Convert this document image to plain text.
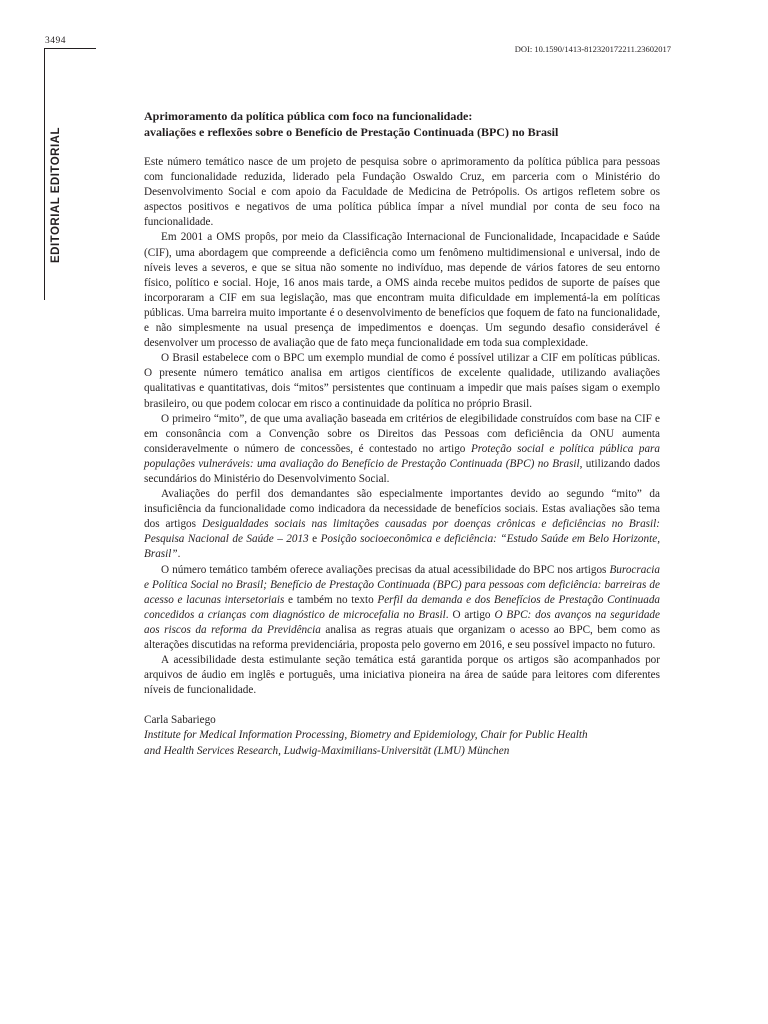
3494
DOI: 10.1590/1413-812320172211.23602017
EDITORIAL EDITORIAL
Aprimoramento da política pública com foco na funcionalidade:
avaliações e reflexões sobre o Benefício de Prestação Continuada (BPC) no Brasil

Este número temático nasce de um projeto de pesquisa sobre o aprimoramento da política pública para pessoas com funcionalidade reduzida, liderado pela Fundação Oswaldo Cruz, em parceria com o Ministério do Desenvolvimento Social e com apoio da Faculdade de Medicina de Petrópolis. Os artigos refletem sobre os aspectos positivos e negativos de uma política pública ímpar a nível mundial por conta de seu foco na funcionalidade.

Em 2001 a OMS propôs, por meio da Classificação Internacional de Funcionalidade, Incapacidade e Saúde (CIF), uma abordagem que compreende a deficiência como um fenômeno multidimensional e universal, indo de níveis leves a severos, e que se situa não somente no indivíduo, mas depende de vários fatores de seu entorno físico, político e social. Hoje, 16 anos mais tarde, a OMS ainda recebe muitos pedidos de suporte de países que incorporaram a CIF em sua legislação, mas que encontram muita dificuldade em implementá-la em políticas públicas. Uma barreira muito importante é o desenvolvimento de benefícios que foquem de fato na funcionalidade, e não simplesmente na usual presença de impedimentos e doenças. Um segundo desafio considerável é desenvolver um processo de avaliação que de fato meça funcionalidade em toda sua complexidade.

O Brasil estabelece com o BPC um exemplo mundial de como é possível utilizar a CIF em políticas públicas. O presente número temático analisa em artigos científicos de excelente qualidade, utilizando avaliações qualitativas e quantitativas, dois “mitos” persistentes que continuam a impedir que mais países sigam o exemplo brasileiro, ou que podem colocar em risco a continuidade da política no próprio Brasil.

O primeiro “mito”, de que uma avaliação baseada em critérios de elegibilidade construídos com base na CIF e em consonância com a Convenção sobre os Direitos das Pessoas com deficiência da ONU aumenta consideravelmente o número de concessões, é contestado no artigo Proteção social e política pública para populações vulneráveis: uma avaliação do Benefício de Prestação Continuada (BPC) no Brasil, utilizando dados secundários do Ministério do Desenvolvimento Social.

Avaliações do perfil dos demandantes são especialmente importantes devido ao segundo “mito” da insuficiência da funcionalidade como indicadora da necessidade de benefícios sociais. Estas avaliações são tema dos artigos Desigualdades sociais nas limitações causadas por doenças crônicas e deficiências no Brasil: Pesquisa Nacional de Saúde – 2013 e Posição socioeconômica e deficiência: “Estudo Saúde em Belo Horizonte, Brasil”.

O número temático também oferece avaliações precisas da atual acessibilidade do BPC nos artigos Burocracia e Política Social no Brasil; Benefício de Prestação Continuada (BPC) para pessoas com deficiência: barreiras de acesso e lacunas intersetoriais e também no texto Perfil da demanda e dos Benefícios de Prestação Continuada concedidos a crianças com diagnóstico de microcefalia no Brasil. O artigo O BPC: dos avanços na seguridade aos riscos da reforma da Previdência analisa as regras atuais que organizam o acesso ao BPC, bem como as alterações discutidas na reforma previdenciária, proposta pelo governo em 2016, e seu possível impacto no futuro.

A acessibilidade desta estimulante seção temática está garantida porque os artigos são acompanhados por arquivos de áudio em inglês e português, uma iniciativa pioneira na área de saúde para leitores com diferentes níveis de funcionalidade.

Carla Sabariego
Institute for Medical Information Processing, Biometry and Epidemiology, Chair for Public Health
and Health Services Research, Ludwig-Maximilians-Universität (LMU) München
